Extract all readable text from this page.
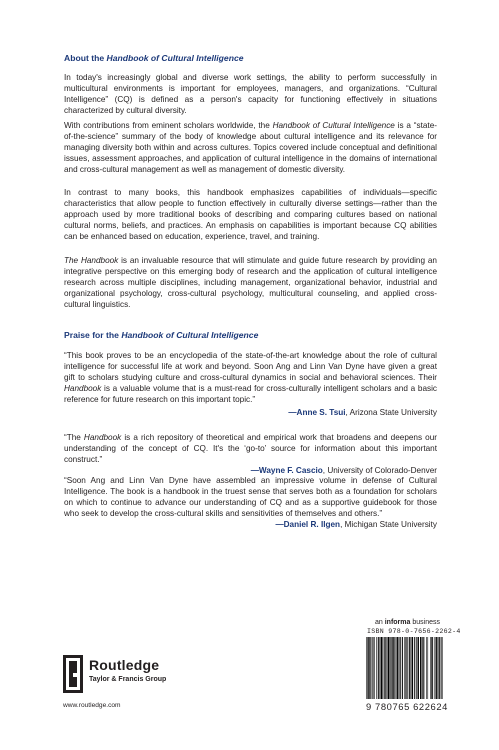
About the Handbook of Cultural Intelligence

In today's increasingly global and diverse work settings, the ability to perform successfully in multicultural environments is important for employees, managers, and organizations. “Cultural Intelligence” (CQ) is defined as a person's capacity for functioning effectively in situations characterized by cultural diversity.

With contributions from eminent scholars worldwide, the Handbook of Cultural Intelligence is a “state-of-the-science” summary of the body of knowledge about cultural intelligence and its relevance for managing diversity both within and across cultures. Topics covered include conceptual and definitional issues, assessment approaches, and application of cultural intelligence in the domains of international and cross-cultural management as well as management of domestic diversity.

In contrast to many books, this handbook emphasizes capabilities of individuals—specific characteristics that allow people to function effectively in culturally diverse settings—rather than the approach used by more traditional books of describing and comparing cultures based on national cultural norms, beliefs, and practices. An emphasis on capabilities is important because CQ abilities can be enhanced based on education, experience, travel, and training.

The Handbook is an invaluable resource that will stimulate and guide future research by providing an integrative perspective on this emerging body of research and the application of cultural intelligence research across multiple disciplines, including management, organizational behavior, industrial and organizational psychology, cross-cultural psychology, multicultural counseling, and applied cross-cultural linguistics.

Praise for the Handbook of Cultural Intelligence

“This book proves to be an encyclopedia of the state-of-the-art knowledge about the role of cultural intelligence for successful life at work and beyond. Soon Ang and Linn Van Dyne have given a great gift to scholars studying culture and cross-cultural dynamics in social and behavioral sciences. Their Handbook is a valuable volume that is a must-read for cross-culturally intelligent scholars and a basic reference for future research on this important topic.”

—Anne S. Tsui, Arizona State University

“The Handbook is a rich repository of theoretical and empirical work that broadens and deepens our understanding of the concept of CQ. It's the ‘go-to’ source for information about this important construct.”

—Wayne F. Cascio, University of Colorado-Denver

“Soon Ang and Linn Van Dyne have assembled an impressive volume in defense of Cultural Intelligence. The book is a handbook in the truest sense that serves both as a foundation for scholars on which to continue to advance our understanding of CQ and as a supportive guidebook for those who seek to develop the cross-cultural skills and sensitivities of themselves and others.”

—Daniel R. Ilgen, Michigan State University

an informa business
Routledge
Taylor & Francis Group
www.routledge.com
ISBN 978-0-7656-2262-4
9 780765 622624
